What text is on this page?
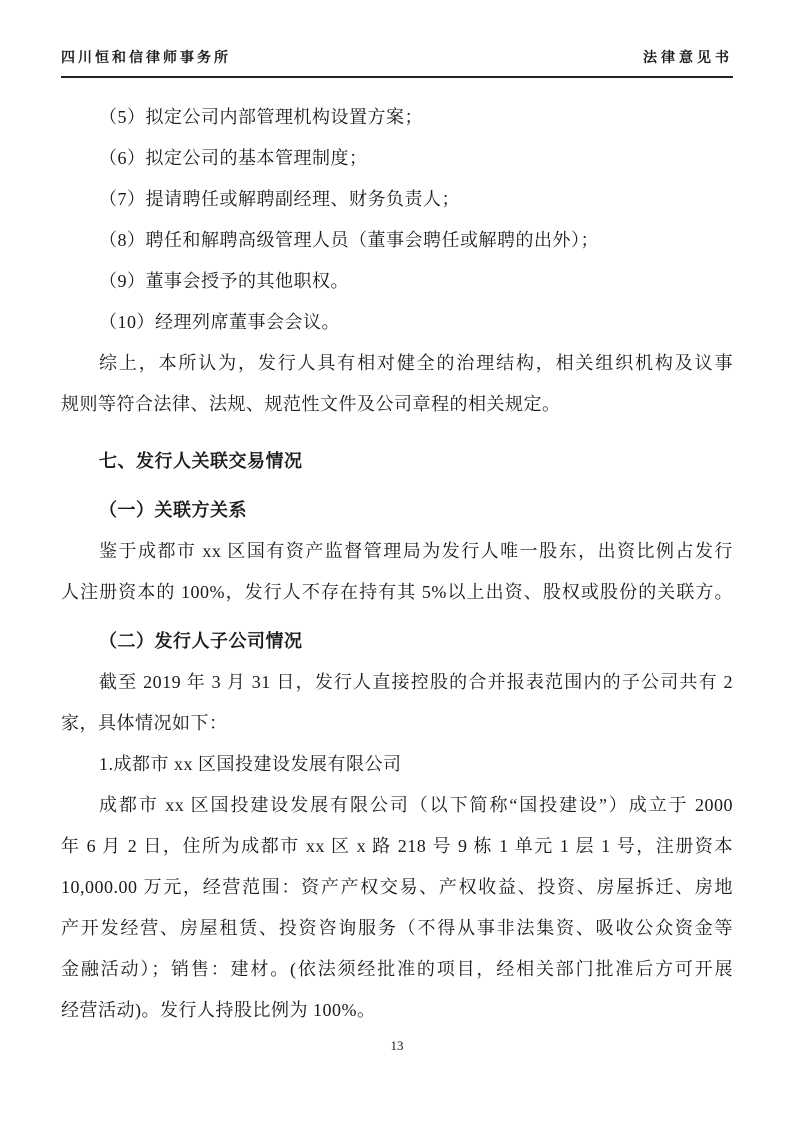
四川恒和信律师事务所	法律意见书
（5）拟定公司内部管理机构设置方案；
（6）拟定公司的基本管理制度；
（7）提请聘任或解聘副经理、财务负责人；
（8）聘任和解聘高级管理人员（董事会聘任或解聘的出外）；
（9）董事会授予的其他职权。
（10）经理列席董事会会议。
综上，本所认为，发行人具有相对健全的治理结构，相关组织机构及议事
规则等符合法律、法规、规范性文件及公司章程的相关规定。
七、发行人关联交易情况
（一）关联方关系
鉴于成都市 xx 区国有资产监督管理局为发行人唯一股东，出资比例占发行
人注册资本的 100%，发行人不存在持有其 5%以上出资、股权或股份的关联方。
（二）发行人子公司情况
截至 2019 年 3 月 31 日，发行人直接控股的合并报表范围内的子公司共有 2
家，具体情况如下：
1.成都市 xx 区国投建设发展有限公司
成都市 xx 区国投建设发展有限公司（以下简称“国投建设”）成立于 2000
年 6 月 2 日，住所为成都市 xx 区 x 路 218 号 9 栋 1 单元 1 层 1 号，注册资本
10,000.00 万元，经营范围：资产产权交易、产权收益、投资、房屋拆迁、房地
产开发经营、房屋租赁、投资咨询服务（不得从事非法集资、吸收公众资金等
金融活动）；销售：建材。(依法须经批准的项目，经相关部门批准后方可开展
经营活动)。发行人持股比例为 100%。
13
